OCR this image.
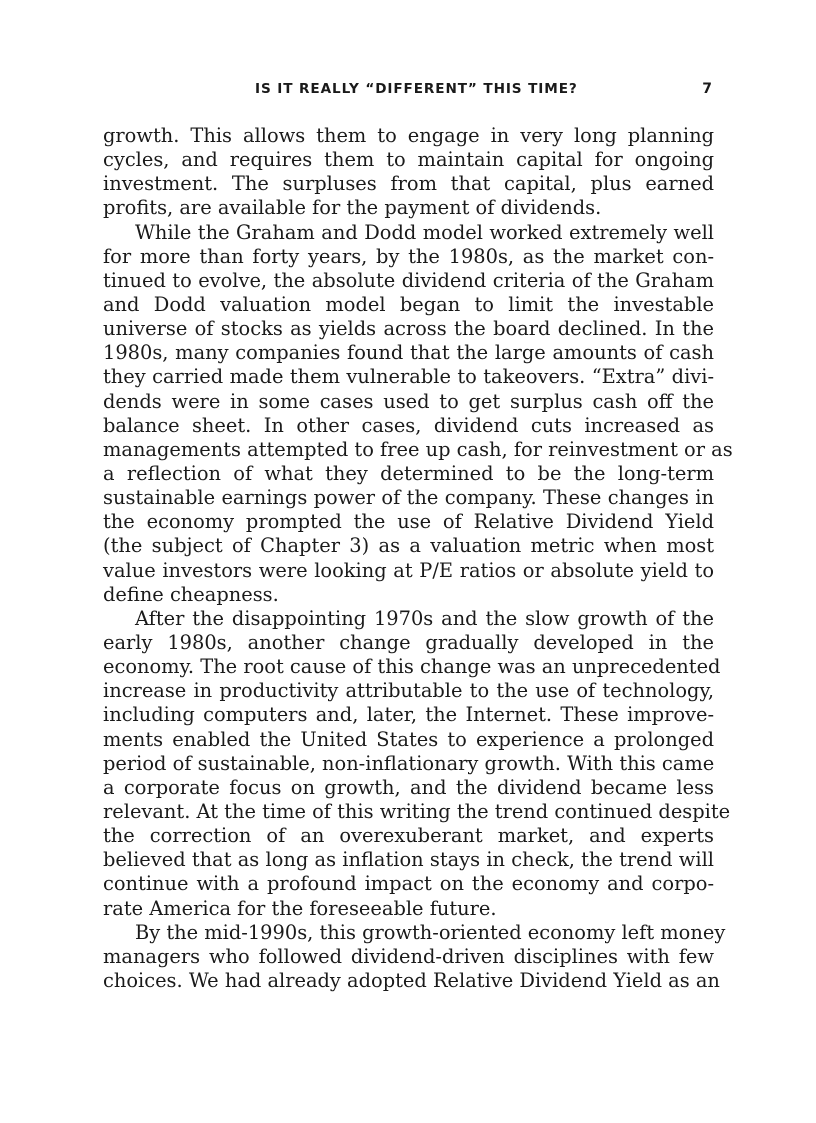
IS IT REALLY “DIFFERENT” THIS TIME?	7
growth. This allows them to engage in very long planning
cycles, and requires them to maintain capital for ongoing
investment. The surpluses from that capital, plus earned
profits, are available for the payment of dividends.
While the Graham and Dodd model worked extremely well
for more than forty years, by the 1980s, as the market con-
tinued to evolve, the absolute dividend criteria of the Graham
and Dodd valuation model began to limit the investable
universe of stocks as yields across the board declined. In the
1980s, many companies found that the large amounts of cash
they carried made them vulnerable to takeovers. “Extra” divi-
dends were in some cases used to get surplus cash off the
balance sheet. In other cases, dividend cuts increased as
managements attempted to free up cash, for reinvestment or as
a reflection of what they determined to be the long-term
sustainable earnings power of the company. These changes in
the economy prompted the use of Relative Dividend Yield
(the subject of Chapter 3) as a valuation metric when most
value investors were looking at P/E ratios or absolute yield to
define cheapness.
After the disappointing 1970s and the slow growth of the
early 1980s, another change gradually developed in the
economy. The root cause of this change was an unprecedented
increase in productivity attributable to the use of technology,
including computers and, later, the Internet. These improve-
ments enabled the United States to experience a prolonged
period of sustainable, non-inflationary growth. With this came
a corporate focus on growth, and the dividend became less
relevant. At the time of this writing the trend continued despite
the correction of an overexuberant market, and experts
believed that as long as inflation stays in check, the trend will
continue with a profound impact on the economy and corpo-
rate America for the foreseeable future.
By the mid-1990s, this growth-oriented economy left money
managers who followed dividend-driven disciplines with few
choices. We had already adopted Relative Dividend Yield as an
